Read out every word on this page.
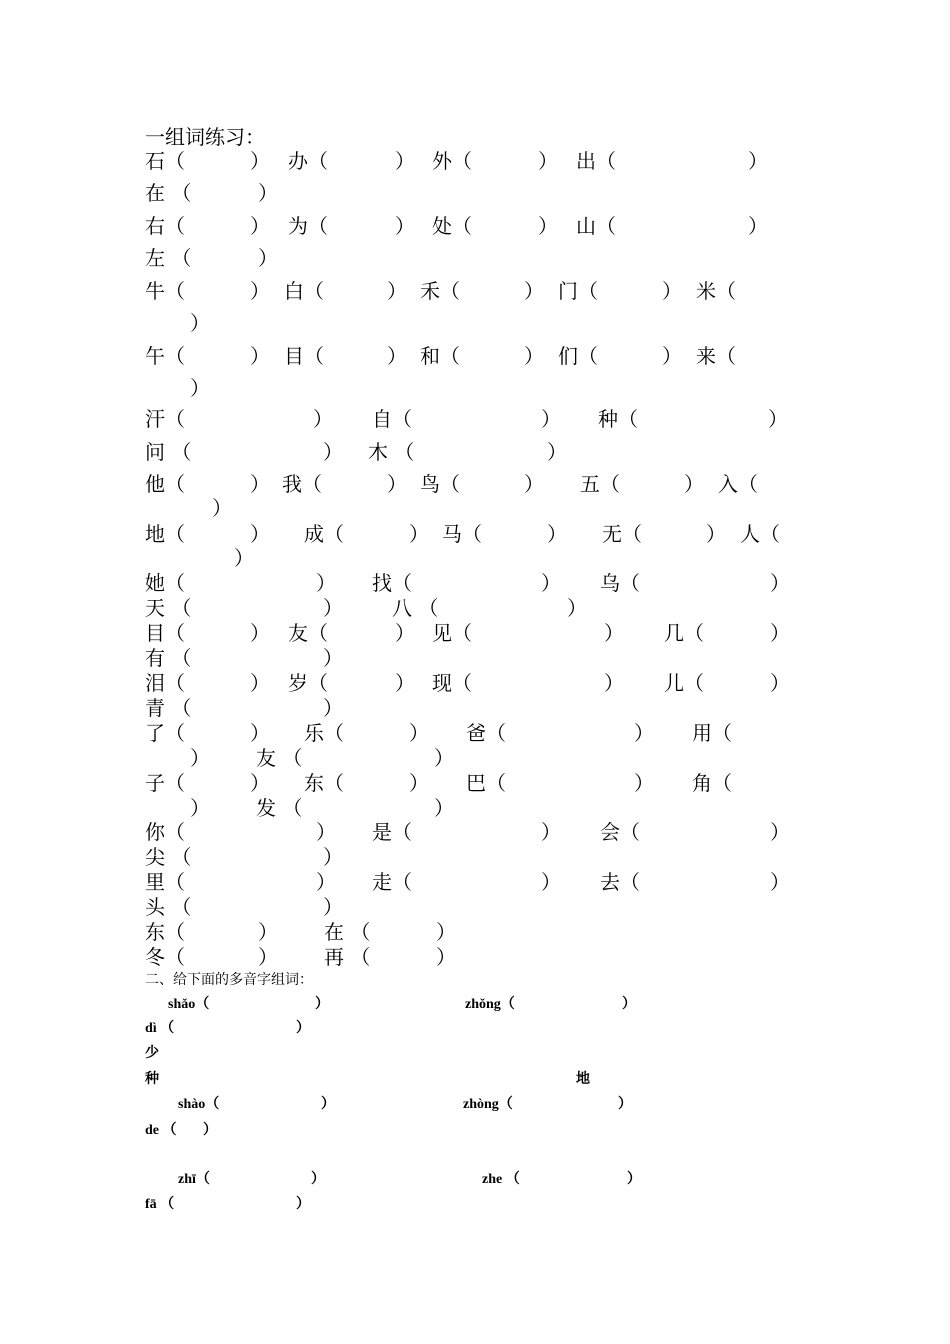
一组词练习：
石（	） 办（	） 外（	） 出（	）
在 （	）
右（	） 为（	） 处（	） 山（	）
左 （	）
牛（	） 白（	） 禾（	） 门（	） 米（
）
午（	） 目（	） 和（	） 们（	） 来（
）
汗（	） 自（	） 种（	）
问 （	） 木 （	）
他（	） 我（	） 鸟（	） 五（	） 入（
）
地（	） 成（	） 马（	） 无（	） 人（
）
她（	） 找（	） 乌（	）
天 （	） 八 （	）
目（	） 友（	） 见（	） 几（	）
有 （	）
泪（	） 岁（	） 现（	） 儿（	）
青 （	）
了（	） 乐（	） 爸（	） 用（
） 友 （	）
子（	） 东（	） 巴（	） 角（
） 发 （	）
你（	） 是（	） 会（	）
尖 （	）
里（	） 走（	） 去（	）
头 （	）
东（	） 在 （	）
冬（	） 再 （	）
二、给下面的多音字组词：
shǎo（	）	zhǒng（	）
dì （	）
少
种	地
shào（	）	zhòng（	）
de （ ）
zhī（	）	zhe （	）
fā （	）
